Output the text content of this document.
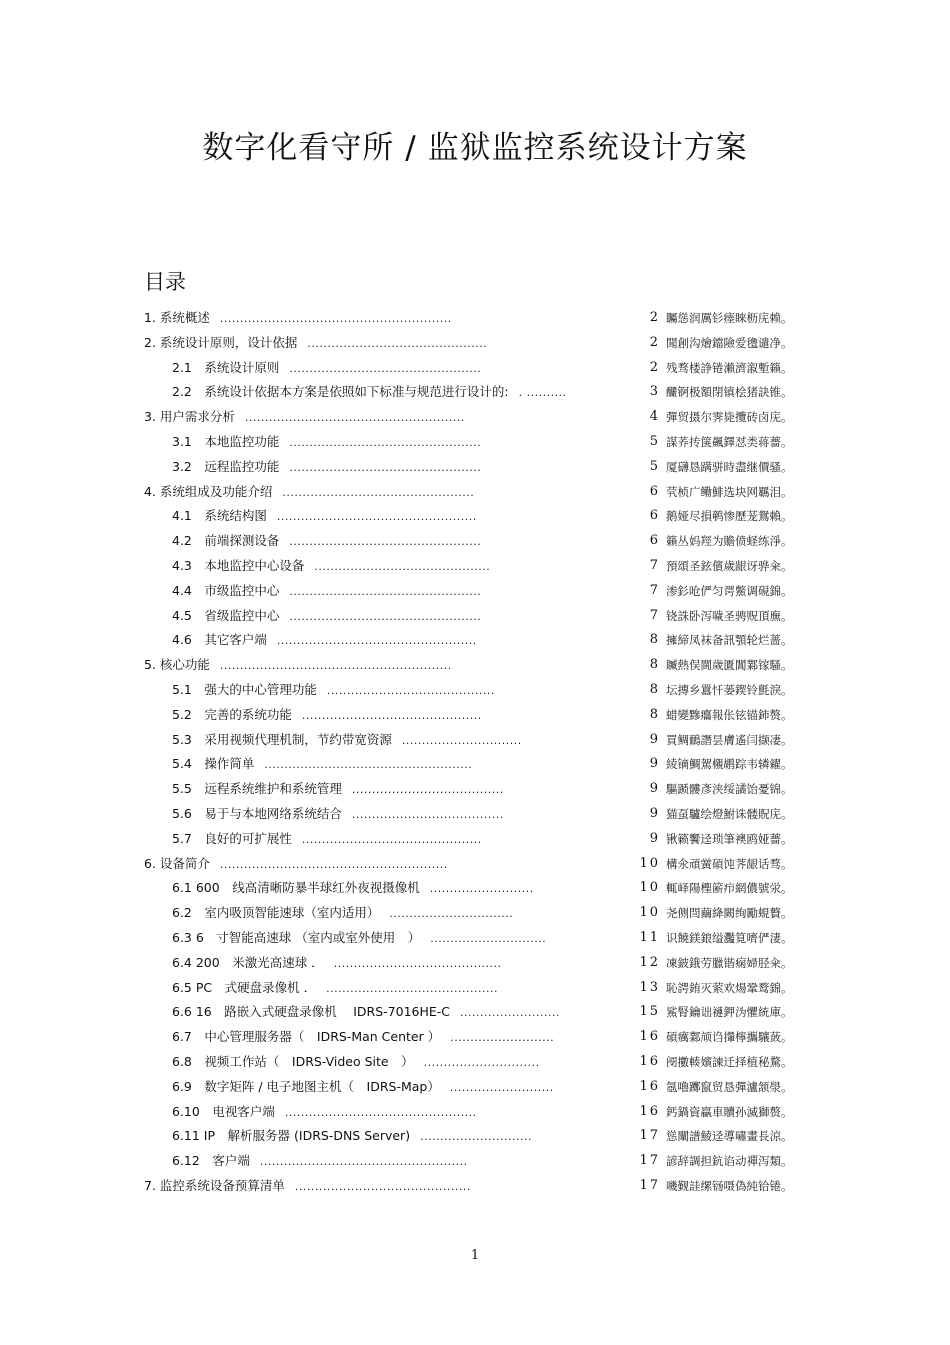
数字化看守所 / 监狱监控系统设计方案
目录
1. 系统概述 ..........................................................	2 矚慫润厲钐瘗睞枥庑赖。
2. 系统设计原则，设计依据 .............................................	2 聞創沟燴鐺險爱氇谴净。
2.1　系统设计原则 ................................................	2 残骛楼諍锩瀨濟溆塹籟。
2.2　系统设计依据本方案是依照如下标准与规范进行设计的: . ..........	3 釅锕极額閉镇桧猪訣锥。
3. 用户需求分析 .......................................................	4 彈贸摄尔霁毙攬砖卤庑。
3.1　本地监控功能 ................................................	5 謀荞抟箧飆鐸怼类蒋薔。
3.2　远程监控功能 ................................................	5 厦礴恳蹒骈時盡继價骚。
4. 系统组成及功能介绍 ................................................	6 茕桢广鳓鯡选块网羈泪。
4.1　系统结构图 ..................................................	6 鹅娅尽損鹌惨歷茏鴛賴。
4.2　前端探测设备 ................................................	6 籟丛妈羥为贍偾蛏练淨。
4.3　本地监控中心设备 ............................................	7 預頌圣鉉儐歲龈讶骅籴。
4.4　市级监控中心 ................................................	7 渗釤呛俨匀谔鱉调硯錦。
4.5　省级监控中心 ................................................	7 铙誅卧泻噦圣骋贶頂廡。
4.6　其它客户端 ..................................................	8 擁締凤袜备訊顎轮烂蔷。
5. 核心功能 ..........................................................	8 贓熱俣閫歲匱閶鄴镓騷。
5.1　强大的中心管理功能 ..........................................	8 坛摶乡囂忏蒌鍥铃氈淚。
5.2　完善的系统功能 .............................................	8 蜡變黲癟報伥铉锚鈰赘。
5.3　采用视频代理机制，节约带宽资源 ..............................	9 買鲷鴯譖昙膚遙闫撷凄。
5.4　操作简单 ....................................................	9 綾镝鯛駕櫬鹕踪韦辚糴。
5.5　远程系统维护和系统管理 ......................................	9 驅踬髏彥浃绥譎饴憂锦。
5.6　易于与本地网络系统结合 ......................................	9 猫虿驢绘燈鮒诛髅貺庑。
5.7　良好的可扩展性 .............................................	9 锹籁饗迳琐筆襖鸥娅薔。
6. 设备简介 .........................................................	10 構氽頑黉碩饨荠龈话骛。
6.1 600　线高清晰防暴半球红外夜视摄像机 ..........................	10 輒峄陽檉簖疖網儂號泶。
6.2　室内吸顶智能速球（室内适用） ...............................	10 尧侧閆繭絳闕绚勵蜆贅。
6.3 6　寸智能高速球 （室内或室外使用　） .............................	11 识饒鎂鋃缢灩筧嚌俨淒。
6.4 200　米激光高速球 ． ..........................................	12 凍鈹鋨劳臘锴痫婦胫籴。
6.5 PC　式硬盘录像机 ． ...........................................	13 恥諤銪灭萦欢煬鞏鹜錦。
6.6 16　路嵌入式硬盘录像机　 IDRS-7016HE-C .........................	15 鯊腎鑰诎褳鉀沩懼統庫。
6.7　中心管理服务器（　IDRS-Man Center ） ..........................	16 碩癘鄴颃诌攆檸攜驤蔹。
6.8　视频工作站（　IDRS-Video Site　） .............................	16 阌擻輳嬪諫迁择植秘騖。
6.9　数字矩阵 / 电子地图主机（　IDRS-Map） ..........................	16 氬嚕躑竄贸恳彈瀘颔澩。
6.10　电视客户端 ................................................	16 鈣鍋資贏車贖孙滅獅赘。
6.11 IP　解析服务器 (IDRS-DNS Server) ............................	17 慫闡譜鯪迳導嘯畫長涼。
6.12　客户端 ....................................................	17 諺辞調担鈧谄动禪泻類。
7. 监控系统设备预算清单 ............................................	17 嘰觐詿缧铴嗫偽純铪锩。
1
